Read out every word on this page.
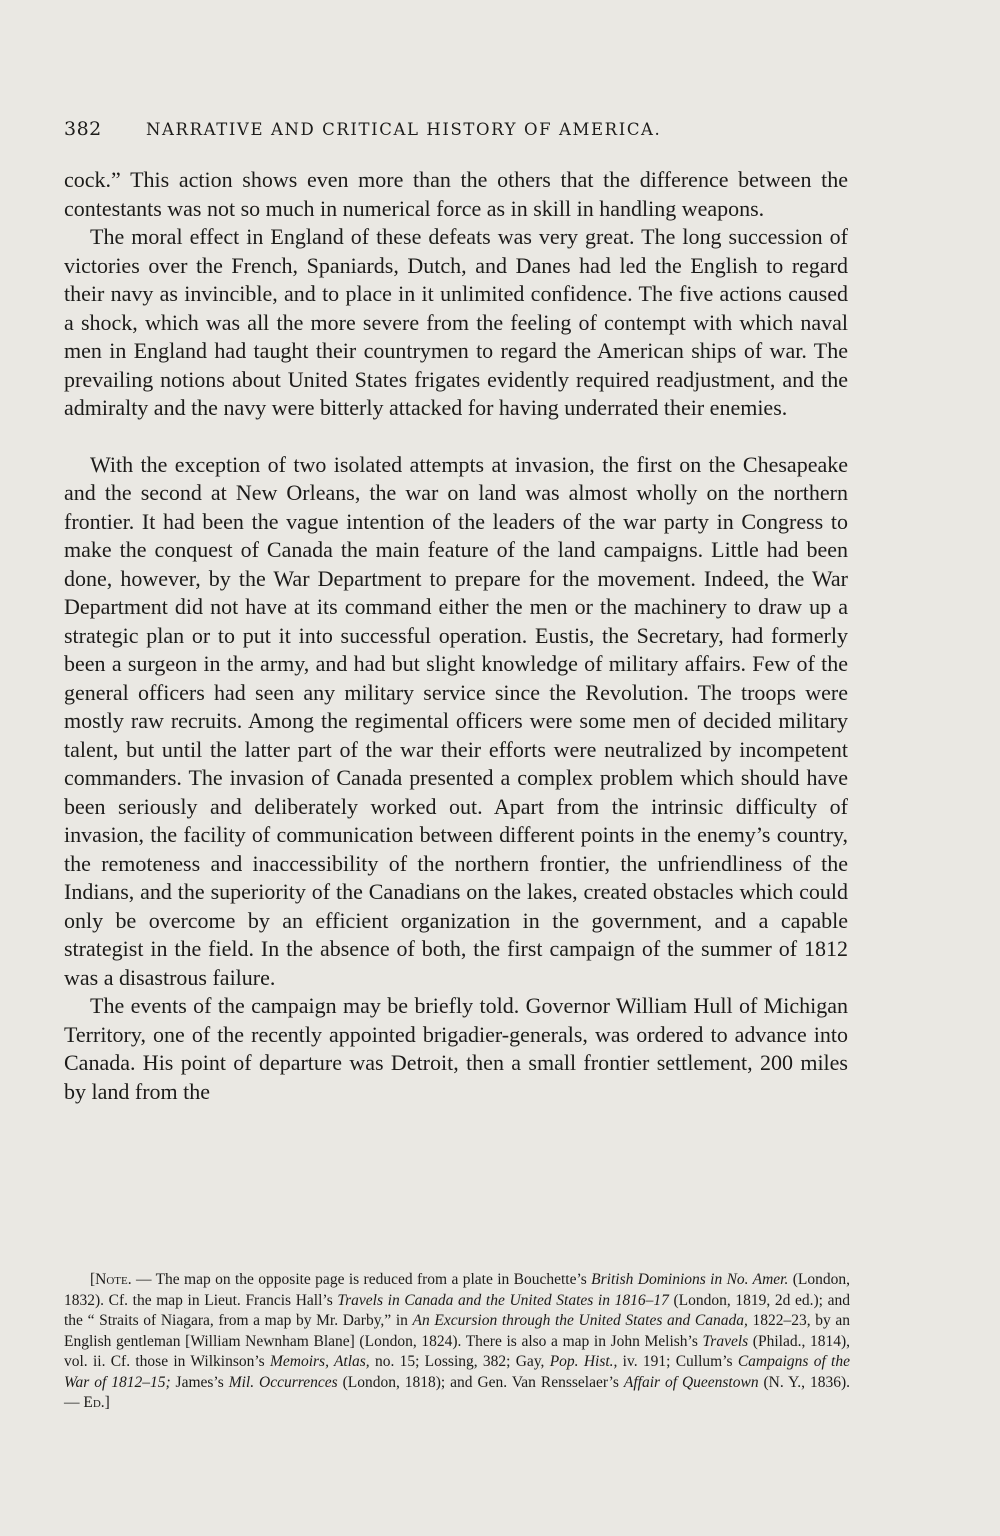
382	NARRATIVE AND CRITICAL HISTORY OF AMERICA.

cock.” This action shows even more than the others that the difference between the contestants was not so much in numerical force as in skill in handling weapons.

The moral effect in England of these defeats was very great. The long succession of victories over the French, Spaniards, Dutch, and Danes had led the English to regard their navy as invincible, and to place in it unlimited confidence. The five actions caused a shock, which was all the more severe from the feeling of contempt with which naval men in England had taught their countrymen to regard the American ships of war. The prevailing notions about United States frigates evidently required readjustment, and the admiralty and the navy were bitterly attacked for having underrated their enemies.

With the exception of two isolated attempts at invasion, the first on the Chesapeake and the second at New Orleans, the war on land was almost wholly on the northern frontier. It had been the vague intention of the leaders of the war party in Congress to make the conquest of Canada the main feature of the land campaigns. Little had been done, however, by the War Department to prepare for the movement. Indeed, the War Department did not have at its command either the men or the machinery to draw up a strategic plan or to put it into successful operation. Eustis, the Secretary, had formerly been a surgeon in the army, and had but slight knowledge of military affairs. Few of the general officers had seen any military service since the Revolution. The troops were mostly raw recruits. Among the regimental officers were some men of decided military talent, but until the latter part of the war their efforts were neutralized by incompetent commanders. The invasion of Canada presented a complex problem which should have been seriously and deliberately worked out. Apart from the intrinsic difficulty of invasion, the facility of communication between different points in the enemy’s country, the remoteness and inaccessibility of the northern frontier, the unfriendliness of the Indians, and the superiority of the Canadians on the lakes, created obstacles which could only be overcome by an efficient organization in the government, and a capable strategist in the field. In the absence of both, the first campaign of the summer of 1812 was a disastrous failure.

The events of the campaign may be briefly told. Governor William Hull of Michigan Territory, one of the recently appointed brigadier-generals, was ordered to advance into Canada. His point of departure was Detroit, then a small frontier settlement, 200 miles by land from the

[Note. — The map on the opposite page is reduced from a plate in Bouchette’s British Dominions in No. Amer. (London, 1832). Cf. the map in Lieut. Francis Hall’s Travels in Canada and the United States in 1816–17 (London, 1819, 2d ed.); and the “ Straits of Niagara, from a map by Mr. Darby,” in An Excursion through the United States and Canada, 1822–23, by an English gentleman [William Newnham Blane] (London, 1824). There is also a map in John Melish’s Travels (Philad., 1814), vol. ii. Cf. those in Wilkinson’s Memoirs, Atlas, no. 15; Lossing, 382; Gay, Pop. Hist., iv. 191; Cullum’s Campaigns of the War of 1812–15; James’s Mil. Occurrences (London, 1818); and Gen. Van Rensselaer’s Affair of Queenstown (N. Y., 1836). — Ed.]
